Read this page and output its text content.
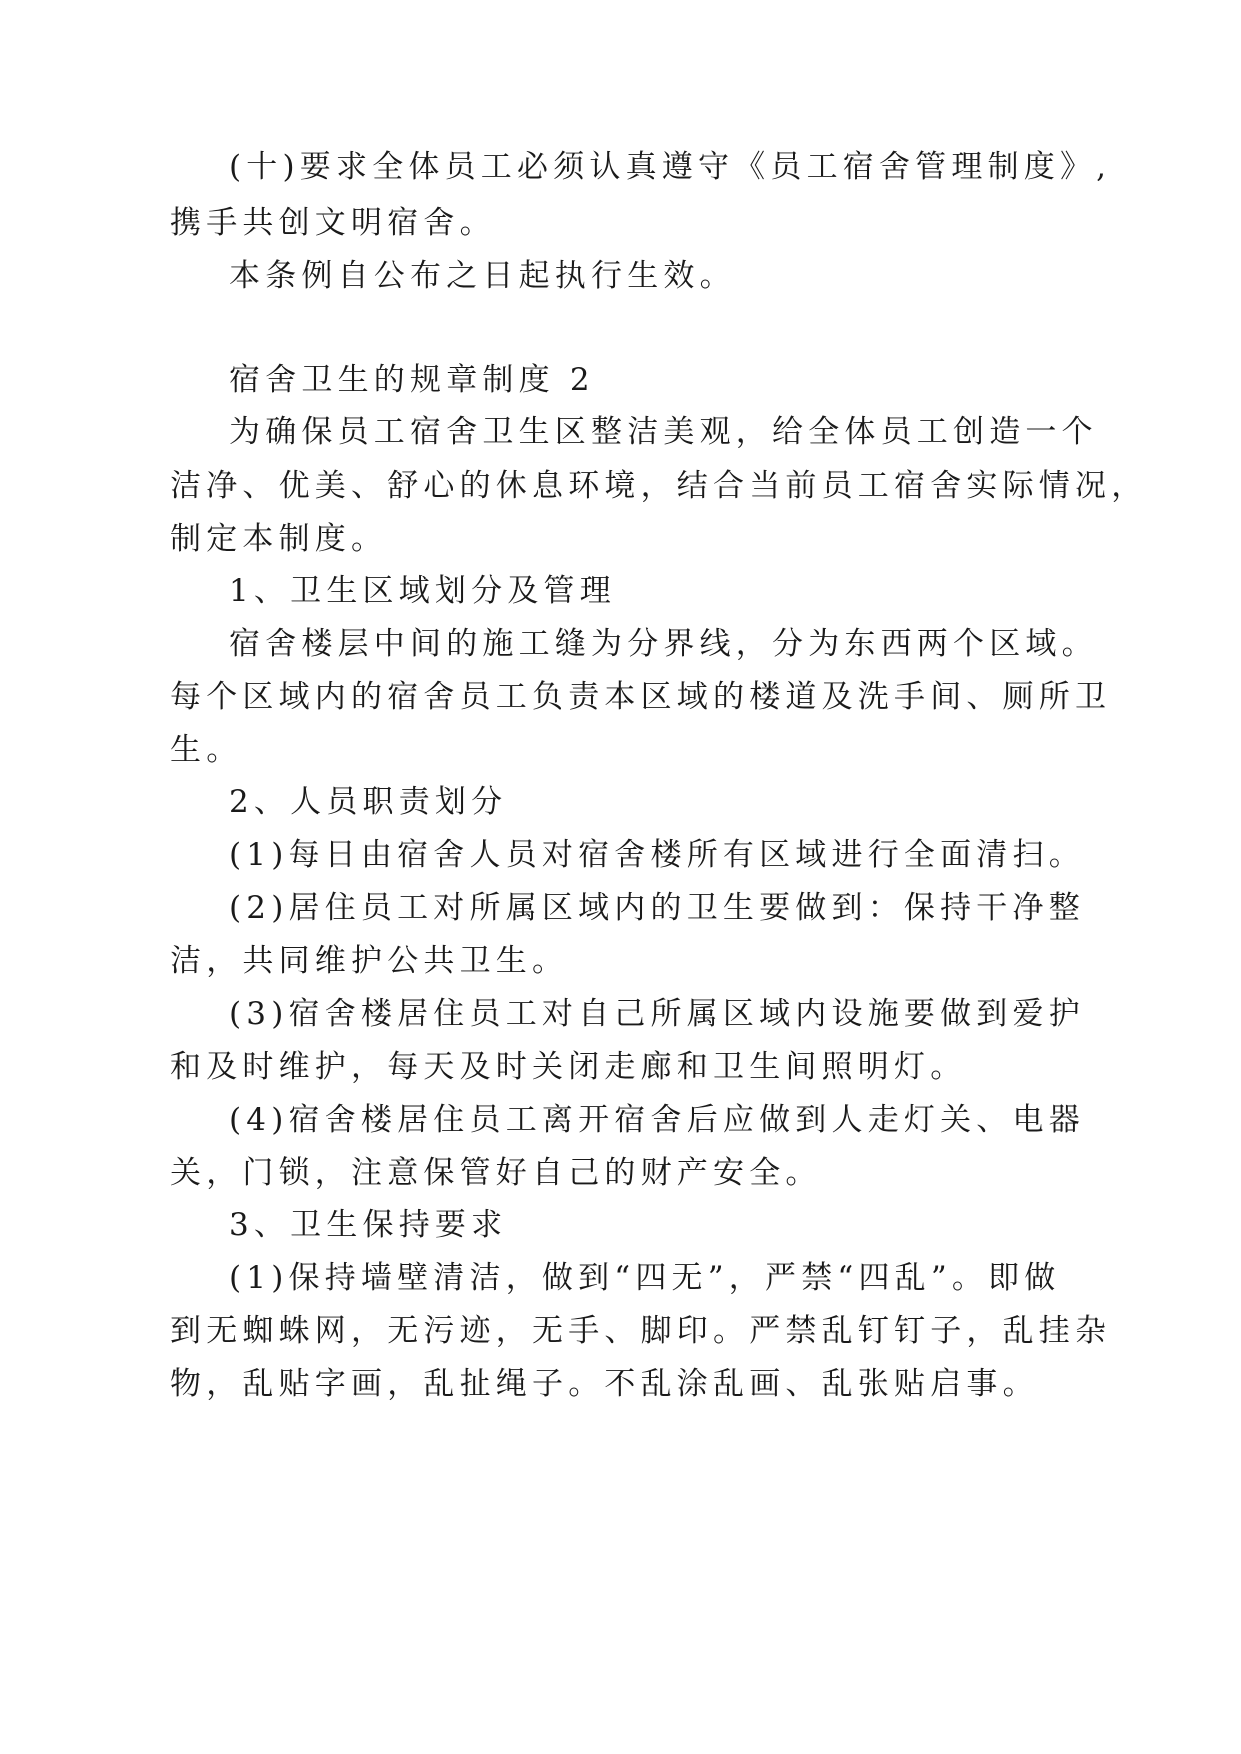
(十)要求全体员工必须认真遵守《员工宿舍管理制度》,

携手共创文明宿舍。

本条例自公布之日起执行生效。

宿舍卫生的规章制度 2

为确保员工宿舍卫生区整洁美观，给全体员工创造一个

洁净、优美、舒心的休息环境，结合当前员工宿舍实际情况，

制定本制度。

1、卫生区域划分及管理

宿舍楼层中间的施工缝为分界线，分为东西两个区域。

每个区域内的宿舍员工负责本区域的楼道及洗手间、厕所卫

生。

2、人员职责划分

(1)每日由宿舍人员对宿舍楼所有区域进行全面清扫。

(2)居住员工对所属区域内的卫生要做到：保持干净整

洁，共同维护公共卫生。

(3)宿舍楼居住员工对自己所属区域内设施要做到爱护

和及时维护，每天及时关闭走廊和卫生间照明灯。

(4)宿舍楼居住员工离开宿舍后应做到人走灯关、电器

关，门锁，注意保管好自己的财产安全。

3、卫生保持要求

(1)保持墙壁清洁，做到“四无”，严禁“四乱”。即做

到无蜘蛛网，无污迹，无手、脚印。严禁乱钉钉子，乱挂杂

物，乱贴字画，乱扯绳子。不乱涂乱画、乱张贴启事。
